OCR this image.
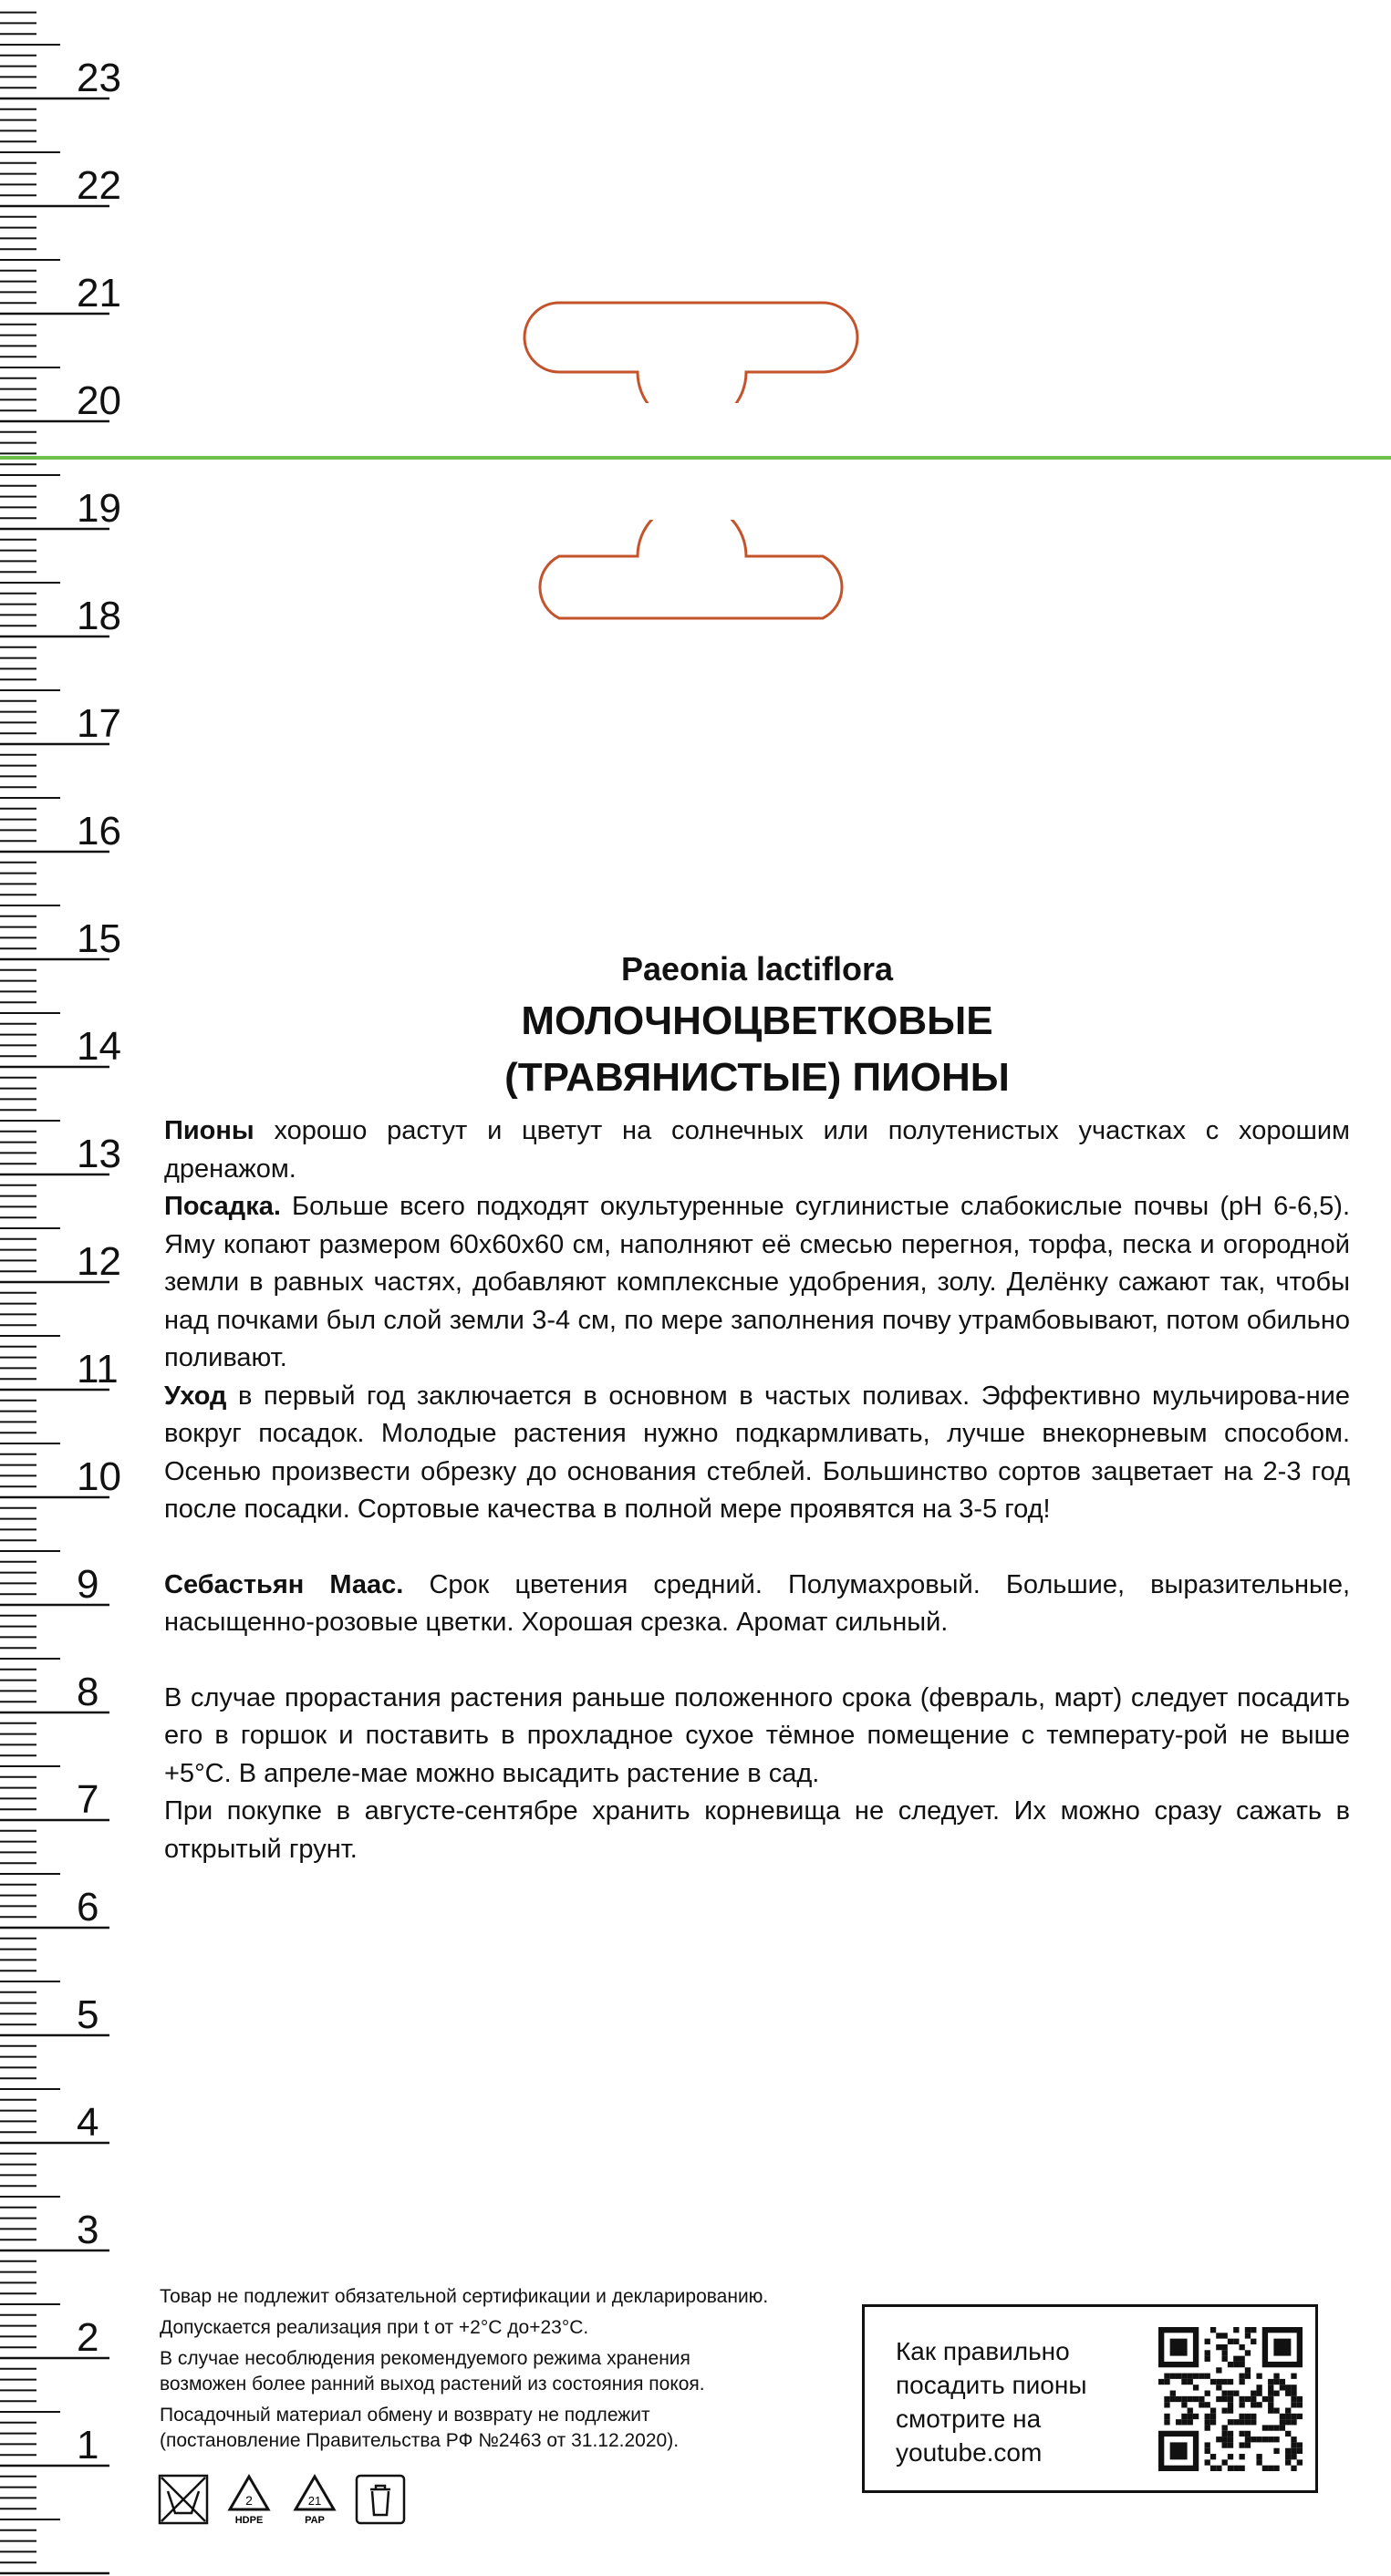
23
22
21
20
19
18
17
16
15
14
13
12
11
10
9
8
7
6
5
4
3
2
1
Paeonia lactiflora
МОЛОЧНОЦВЕТКОВЫЕ
(ТРАВЯНИСТЫЕ) ПИОНЫ

Пионы хорошо растут и цветут на солнечных или полутенистых участках с хорошим дренажом.

Посадка. Больше всего подходят окультуренные суглинистые слабокислые почвы (рН 6-6,5). Яму копают размером 60х60х60 см, наполняют её смесью перегноя, торфа, песка и огородной земли в равных частях, добавляют комплексные удобрения, золу. Делёнку сажают так, чтобы над почками был слой земли 3-4 см, по мере заполнения почву утрамбовывают, потом обильно поливают.

Уход в первый год заключается в основном в частых поливах. Эффективно мульчирова-ние вокруг посадок. Молодые растения нужно подкармливать, лучше внекорневым способом. Осенью произвести обрезку до основания стеблей. Большинство сортов зацветает на 2-3 год после посадки. Сортовые качества в полной мере проявятся на 3-5 год!

Себастьян Маас. Срок цветения средний. Полумахровый. Большие, выразительные, насыщенно-розовые цветки. Хорошая срезка. Аромат сильный.

В случае прорастания растения раньше положенного срока (февраль, март) следует посадить его в горшок и поставить в прохладное сухое тёмное помещение с температу-рой не выше +5°С. В апреле-мае можно высадить растение в сад.

При покупке в августе-сентябре хранить корневища не следует. Их можно сразу сажать в открытый грунт.

Товар не подлежит обязательной сертификации и декларированию.

Допускается реализация при t от +2°С до+23°С.

В случае несоблюдения рекомендуемого режима хранения

возможен более ранний выход растений из состояния покоя.

Посадочный материал обмену и возврату не подлежит

(постановление Правительства РФ №2463 от 31.12.2020).

2
HDPE
21
PAP
Как правильно
посадить пионы
смотрите на
youtube.com
